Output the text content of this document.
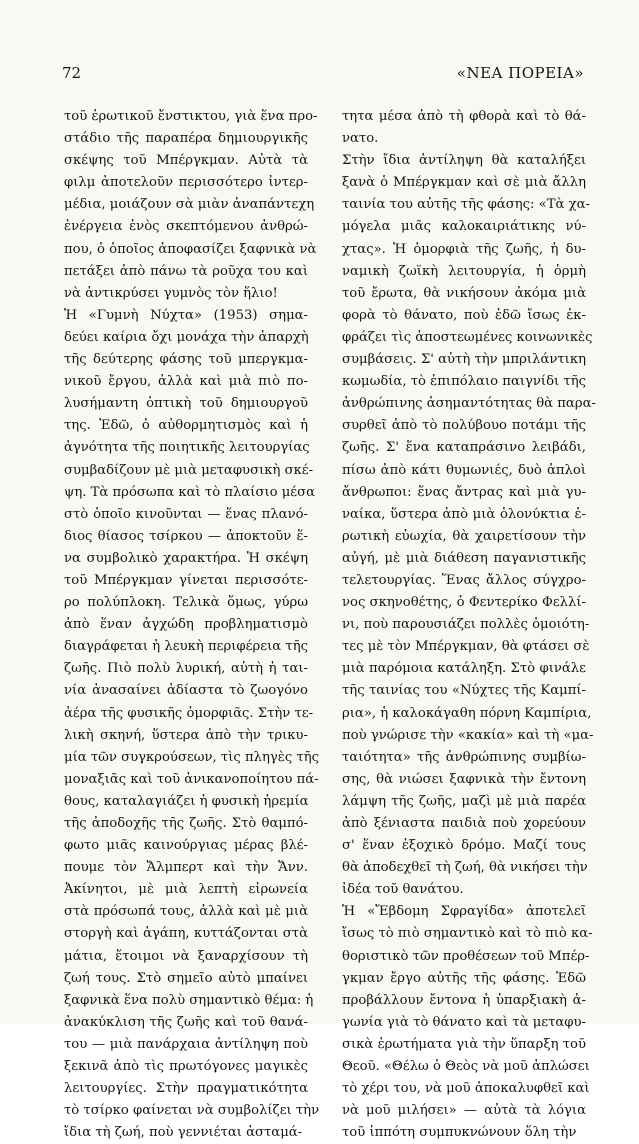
72	«ΝΕΑ ΠΟΡΕΙΑ»
τοῦ ἐρωτικοῦ ἔνστικτου, γιὰ ἕνα προ-
στάδιο τῆς παραπέρα δημιουργικῆς
σκέψης τοῦ Μπέργκμαν. Αὐτὰ τὰ
φιλμ ἀποτελοῦν περισσότερο ἰντερ-
μέδια, μοιάζουν σὰ μιὰν ἀναπάντεχη
ἐνέργεια ἑνὸς σκεπτόμενου ἀνθρώ-
που, ὁ ὁποῖος ἀποφασίζει ξαφνικὰ νὰ
πετάξει ἀπὸ πάνω τὰ ροῦχα του καὶ
νὰ ἀντικρύσει γυμνὸς τὸν ἥλιο!
Ἡ «Γυμνὴ Νύχτα» (1953) σημα-
δεύει καίρια ὄχι μονάχα τὴν ἀπαρχὴ
τῆς δεύτερης φάσης τοῦ μπεργκμα-
νικοῦ ἔργου, ἀλλὰ καὶ μιὰ πιὸ πο-
λυσήμαντη ὀπτικὴ τοῦ δημιουργοῦ
της. Ἐδῶ, ὁ αὐθορμητισμὸς καὶ ἡ
ἁγνότητα τῆς ποιητικῆς λειτουργίας
συμβαδίζουν μὲ μιὰ μεταφυσικὴ σκέ-
ψη. Τὰ πρόσωπα καὶ τὸ πλαίσιο μέσα
στὸ ὁποῖο κινοῦνται — ἕνας πλανό-
διος θίασος τσίρκου — ἀποκτοῦν ἕ-
να συμβολικὸ χαρακτήρα. Ἡ σκέψη
τοῦ Μπέργκμαν γίνεται περισσότε-
ρο πολύπλοκη. Τελικὰ ὅμως, γύρω
ἀπὸ ἕναν ἀγχώδη προβληματισμὸ
διαγράφεται ἡ λευκὴ περιφέρεια τῆς
ζωῆς. Πιὸ πολὺ λυρική, αὐτὴ ἡ ται-
νία ἀνασαίνει ἀδίαστα τὸ ζωογόνο
ἀέρα τῆς φυσικῆς ὁμορφιᾶς. Στὴν τε-
λικὴ σκηνή, ὕστερα ἀπὸ τὴν τρικυ-
μία τῶν συγκρούσεων, τὶς πληγὲς τῆς
μοναξιᾶς καὶ τοῦ ἀνικανοποίητου πά-
θους, καταλαγιάζει ἡ φυσικὴ ἠρεμία
τῆς ἀποδοχῆς τῆς ζωῆς. Στὸ θαμπό-
φωτο μιᾶς καινούργιας μέρας βλέ-
πουμε τὸν Ἄλμπερτ καὶ τὴν Ἄνν.
Ἀκίνητοι, μὲ μιὰ λεπτὴ εἰρωνεία
στὰ πρόσωπά τους, ἀλλὰ καὶ μὲ μιὰ
στοργὴ καὶ ἀγάπη, κυττάζονται στὰ
μάτια, ἕτοιμοι νὰ ξαναρχίσουν τὴ
ζωή τους. Στὸ σημεῖο αὐτὸ μπαίνει
ξαφνικὰ ἕνα πολὺ σημαντικὸ θέμα: ἡ
ἀνακύκλιση τῆς ζωῆς καὶ τοῦ θανά-
του — μιὰ πανάρχαια ἀντίληψη ποὺ
ξεκινᾶ ἀπὸ τὶς πρωτόγονες μαγικὲς
λειτουργίες. Στὴν πραγματικότητα
τὸ τσίρκο φαίνεται νὰ συμβολίζει τὴν
ἴδια τὴ ζωή, ποὺ γεννιέται ἀσταμά-
τητα μέσα ἀπὸ τὴ φθορὰ καὶ τὸ θά-
νατο.
Στὴν ἴδια ἀντίληψη θὰ καταλήξει
ξανὰ ὁ Μπέργκμαν καὶ σὲ μιὰ ἄλλη
ταινία του αὐτῆς τῆς φάσης: «Τὰ χα-
μόγελα μιᾶς καλοκαιριάτικης νύ-
χτας». Ἡ ὁμορφιὰ τῆς ζωῆς, ἡ δυ-
ναμικὴ ζωϊκὴ λειτουργία, ἡ ὁρμὴ
τοῦ ἔρωτα, θὰ νικήσουν ἀκόμα μιὰ
φορὰ τὸ θάνατο, ποὺ ἐδῶ ἴσως ἐκ-
φράζει τὶς ἀποστεωμένες κοινωνικὲς
συμβάσεις. Σ' αὐτὴ τὴν μπριλάντικη
κωμωδία, τὸ ἐπιπόλαιο παιγνίδι τῆς
ἀνθρώπινης ἀσημαντότητας θὰ παρα-
συρθεῖ ἀπὸ τὸ πολύβουο ποτάμι τῆς
ζωῆς. Σ' ἕνα καταπράσινο λειβάδι,
πίσω ἀπὸ κάτι θυμωνιές, δυὸ ἁπλοὶ
ἄνθρωποι: ἕνας ἄντρας καὶ μιὰ γυ-
ναίκα, ὕστερα ἀπὸ μιὰ ὁλονύκτια ἐ-
ρωτικὴ εὐωχία, θὰ χαιρετίσουν τὴν
αὐγή, μὲ μιὰ διάθεση παγανιστικῆς
τελετουργίας. Ἕνας ἄλλος σύγχρο-
νος σκηνοθέτης, ὁ Φεντερίκο Φελλί-
νι, ποὺ παρουσιάζει πολλὲς ὁμοιότη-
τες μὲ τὸν Μπέργκμαν, θὰ φτάσει σὲ
μιὰ παρόμοια κατάληξη. Στὸ φινάλε
τῆς ταινίας του «Νύχτες τῆς Καμπί-
ρια», ἡ καλοκάγαθη πόρνη Καμπίρια,
ποὺ γνώρισε τὴν «κακία» καὶ τὴ «μα-
ταιότητα» τῆς ἀνθρώπινης συμβίω-
σης, θὰ νιώσει ξαφνικὰ τὴν ἔντονη
λάμψη τῆς ζωῆς, μαζὶ μὲ μιὰ παρέα
ἀπὸ ξένιαστα παιδιὰ ποὺ χορεύουν
σ' ἕναν ἐξοχικὸ δρόμο. Μαζί τους
θὰ ἀποδεχθεῖ τὴ ζωή, θὰ νικήσει τὴν
ἰδέα τοῦ θανάτου.
Ἡ «Ἔβδομη Σφραγίδα» ἀποτελεῖ
ἴσως τὸ πιὸ σημαντικὸ καὶ τὸ πιὸ κα-
θοριστικὸ τῶν προθέσεων τοῦ Μπέρ-
γκμαν ἔργο αὐτῆς τῆς φάσης. Ἐδῶ
προβάλλουν ἔντονα ἡ ὑπαρξιακὴ ἀ-
γωνία γιὰ τὸ θάνατο καὶ τὰ μεταφυ-
σικὰ ἐρωτήματα γιὰ τὴν ὕπαρξη τοῦ
Θεοῦ. «Θέλω ὁ Θεὸς νὰ μοῦ ἁπλώσει
τὸ χέρι του, νὰ μοῦ ἀποκαλυφθεῖ καὶ
νὰ μοῦ μιλήσει» — αὐτὰ τὰ λόγια
τοῦ ἱππότη συμπυκνώνουν ὅλη τὴν
